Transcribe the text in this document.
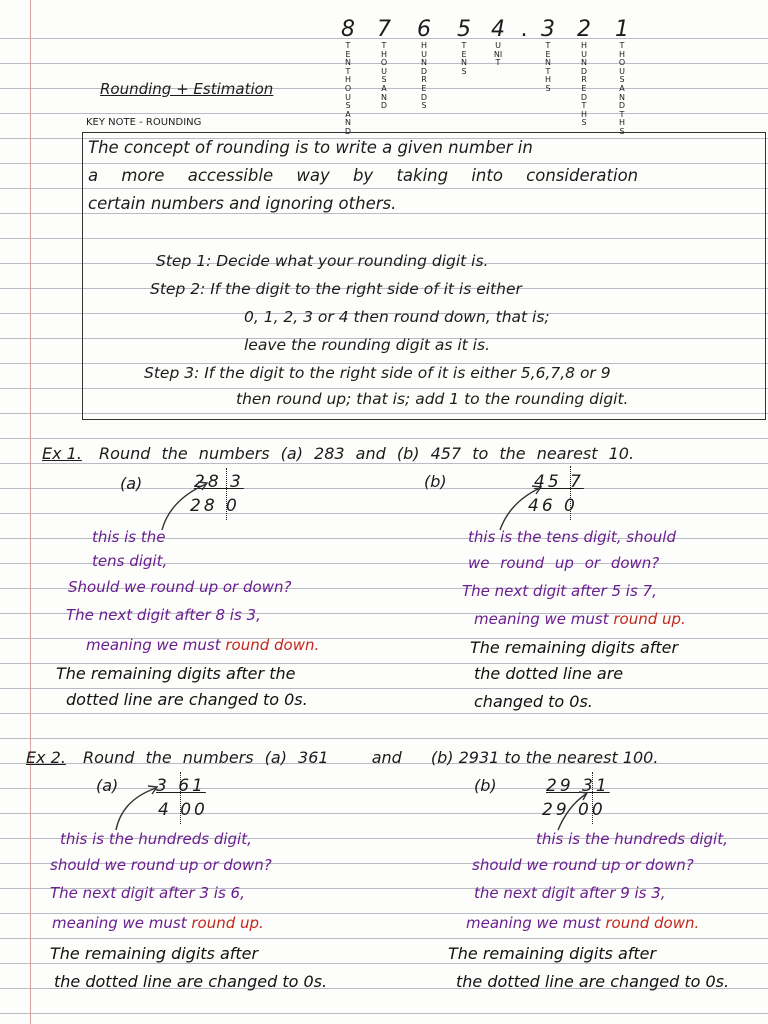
8
TEN THOUSAND
7
THOUSAND
6
HUNDREDS
5
TENS
4
UNIT
. 3
TENTHS
2
HUNDREDTHS
1
THOUSANDTHS
Rounding + Estimation
KEY NOTE - ROUNDING
The concept of rounding is to write a given number in
a more accessible way by taking into consideration
certain numbers and ignoring others.
Step 1: Decide what your rounding digit is.
Step 2: If the digit to the right side of it is either
0, 1, 2, 3 or 4 then round down, that is;
leave the rounding digit as it is.
Step 3: If the digit to the right side of it is either 5,6,7,8 or 9
then round up; that is; add 1 to the rounding digit.
Ex 1. Round the numbers (a) 283 and (b) 457 to the nearest 10.
(a)	28 3
28 0
this is the
tens digit,
Should we round up or down?
The next digit after 8 is 3,
meaning we must round down.
The remaining digits after the
dotted line are changed to 0s.
(b)	45 7
46 0
this is the tens digit, should
we round up or down?
The next digit after 5 is 7,
meaning we must round up.
The remaining digits after
the dotted line are
changed to 0s.
Ex 2. Round the numbers (a) 361	and (b) 2931 to the nearest 100.
(a) 3 61
4 00
this is the hundreds digit,
should we round up or down?
The next digit after 3 is 6,
meaning we must round up.
The remaining digits after
the dotted line are changed to 0s.
(b)	29 31
29 00
this is the hundreds digit,
should we round up or down?
the next digit after 9 is 3,
meaning we must round down.
The remaining digits after
the dotted line are changed to 0s.
